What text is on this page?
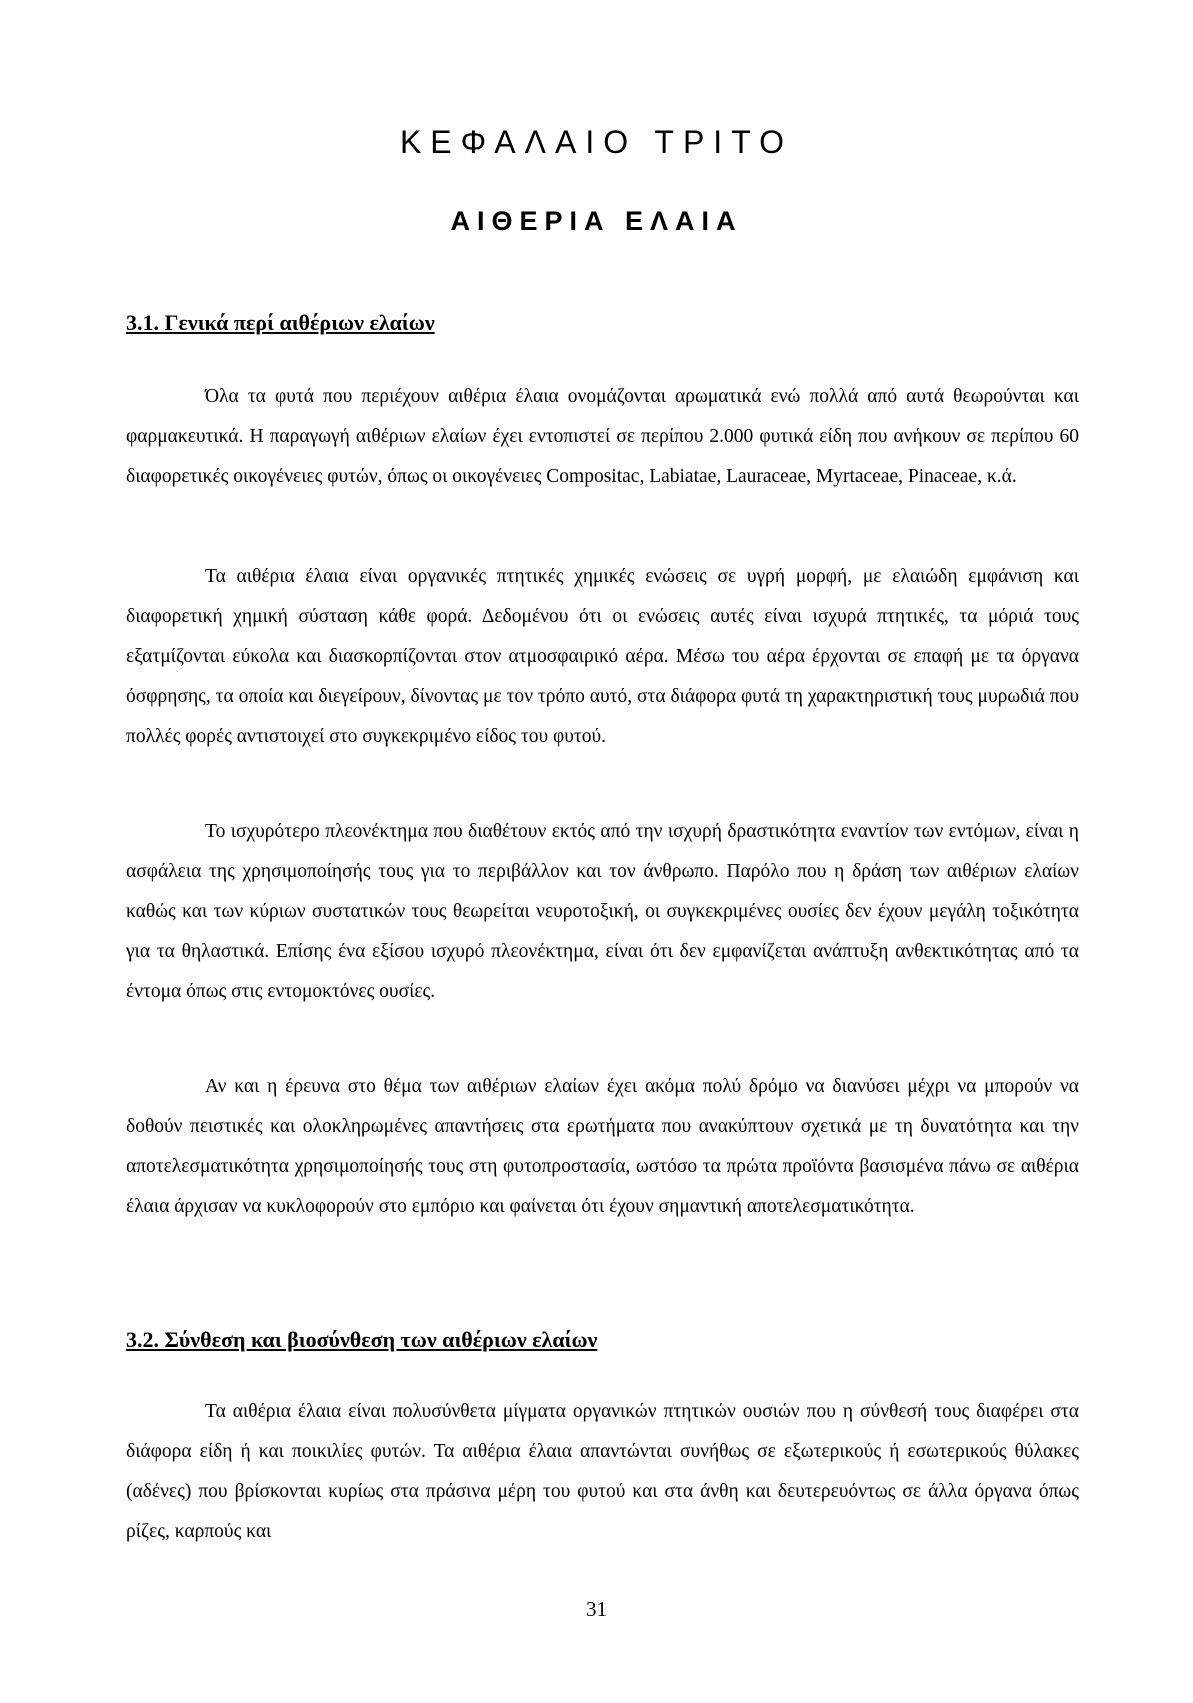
ΚΕΦΑΛΑΙΟ ΤΡΙΤΟ
ΑΙΘΕΡΙΑ ΕΛΑΙΑ
3.1. Γενικά περί αιθέριων ελαίων

Όλα τα φυτά που περιέχουν αιθέρια έλαια ονομάζονται αρωματικά ενώ πολλά από αυτά θεωρούνται και φαρμακευτικά. Η παραγωγή αιθέριων ελαίων έχει εντοπιστεί σε περίπου 2.000 φυτικά είδη που ανήκουν σε περίπου 60 διαφορετικές οικογένειες φυτών, όπως οι οικογένειες Compositac, Labiatae, Lauraceae, Myrtaceae, Pinaceae, κ.ά.

Τα αιθέρια έλαια είναι οργανικές πτητικές χημικές ενώσεις σε υγρή μορφή, με ελαιώδη εμφάνιση και διαφορετική χημική σύσταση κάθε φορά. Δεδομένου ότι οι ενώσεις αυτές είναι ισχυρά πτητικές, τα μόριά τους εξατμίζονται εύκολα και διασκορπίζονται στον ατμοσφαιρικό αέρα. Μέσω του αέρα έρχονται σε επαφή με τα όργανα όσφρησης, τα οποία και διεγείρουν, δίνοντας με τον τρόπο αυτό, στα διάφορα φυτά τη χαρακτηριστική τους μυρωδιά που πολλές φορές αντιστοιχεί στο συγκεκριμένο είδος του φυτού.

Το ισχυρότερο πλεονέκτημα που διαθέτουν εκτός από την ισχυρή δραστικότητα εναντίον των εντόμων, είναι η ασφάλεια της χρησιμοποίησής τους για το περιβάλλον και τον άνθρωπο. Παρόλο που η δράση των αιθέριων ελαίων καθώς και των κύριων συστατικών τους θεωρείται νευροτοξική, οι συγκεκριμένες ουσίες δεν έχουν μεγάλη τοξικότητα για τα θηλαστικά. Επίσης ένα εξίσου ισχυρό πλεονέκτημα, είναι ότι δεν εμφανίζεται ανάπτυξη ανθεκτικότητας από τα έντομα όπως στις εντομοκτόνες ουσίες.

Αν και η έρευνα στο θέμα των αιθέριων ελαίων έχει ακόμα πολύ δρόμο να διανύσει μέχρι να μπορούν να δοθούν πειστικές και ολοκληρωμένες απαντήσεις στα ερωτήματα που ανακύπτουν σχετικά με τη δυνατότητα και την αποτελεσματικότητα χρησιμοποίησής τους στη φυτοπροστασία, ωστόσο τα πρώτα προϊόντα βασισμένα πάνω σε αιθέρια έλαια άρχισαν να κυκλοφορούν στο εμπόριο και φαίνεται ότι έχουν σημαντική αποτελεσματικότητα.

3.2. Σύνθεση και βιοσύνθεση των αιθέριων ελαίων

Τα αιθέρια έλαια είναι πολυσύνθετα μίγματα οργανικών πτητικών ουσιών που η σύνθεσή τους διαφέρει στα διάφορα είδη ή και ποικιλίες φυτών. Τα αιθέρια έλαια απαντώνται συνήθως σε εξωτερικούς ή εσωτερικούς θύλακες (αδένες) που βρίσκονται κυρίως στα πράσινα μέρη του φυτού και στα άνθη και δευτερευόντως σε άλλα όργανα όπως ρίζες, καρπούς και

31
